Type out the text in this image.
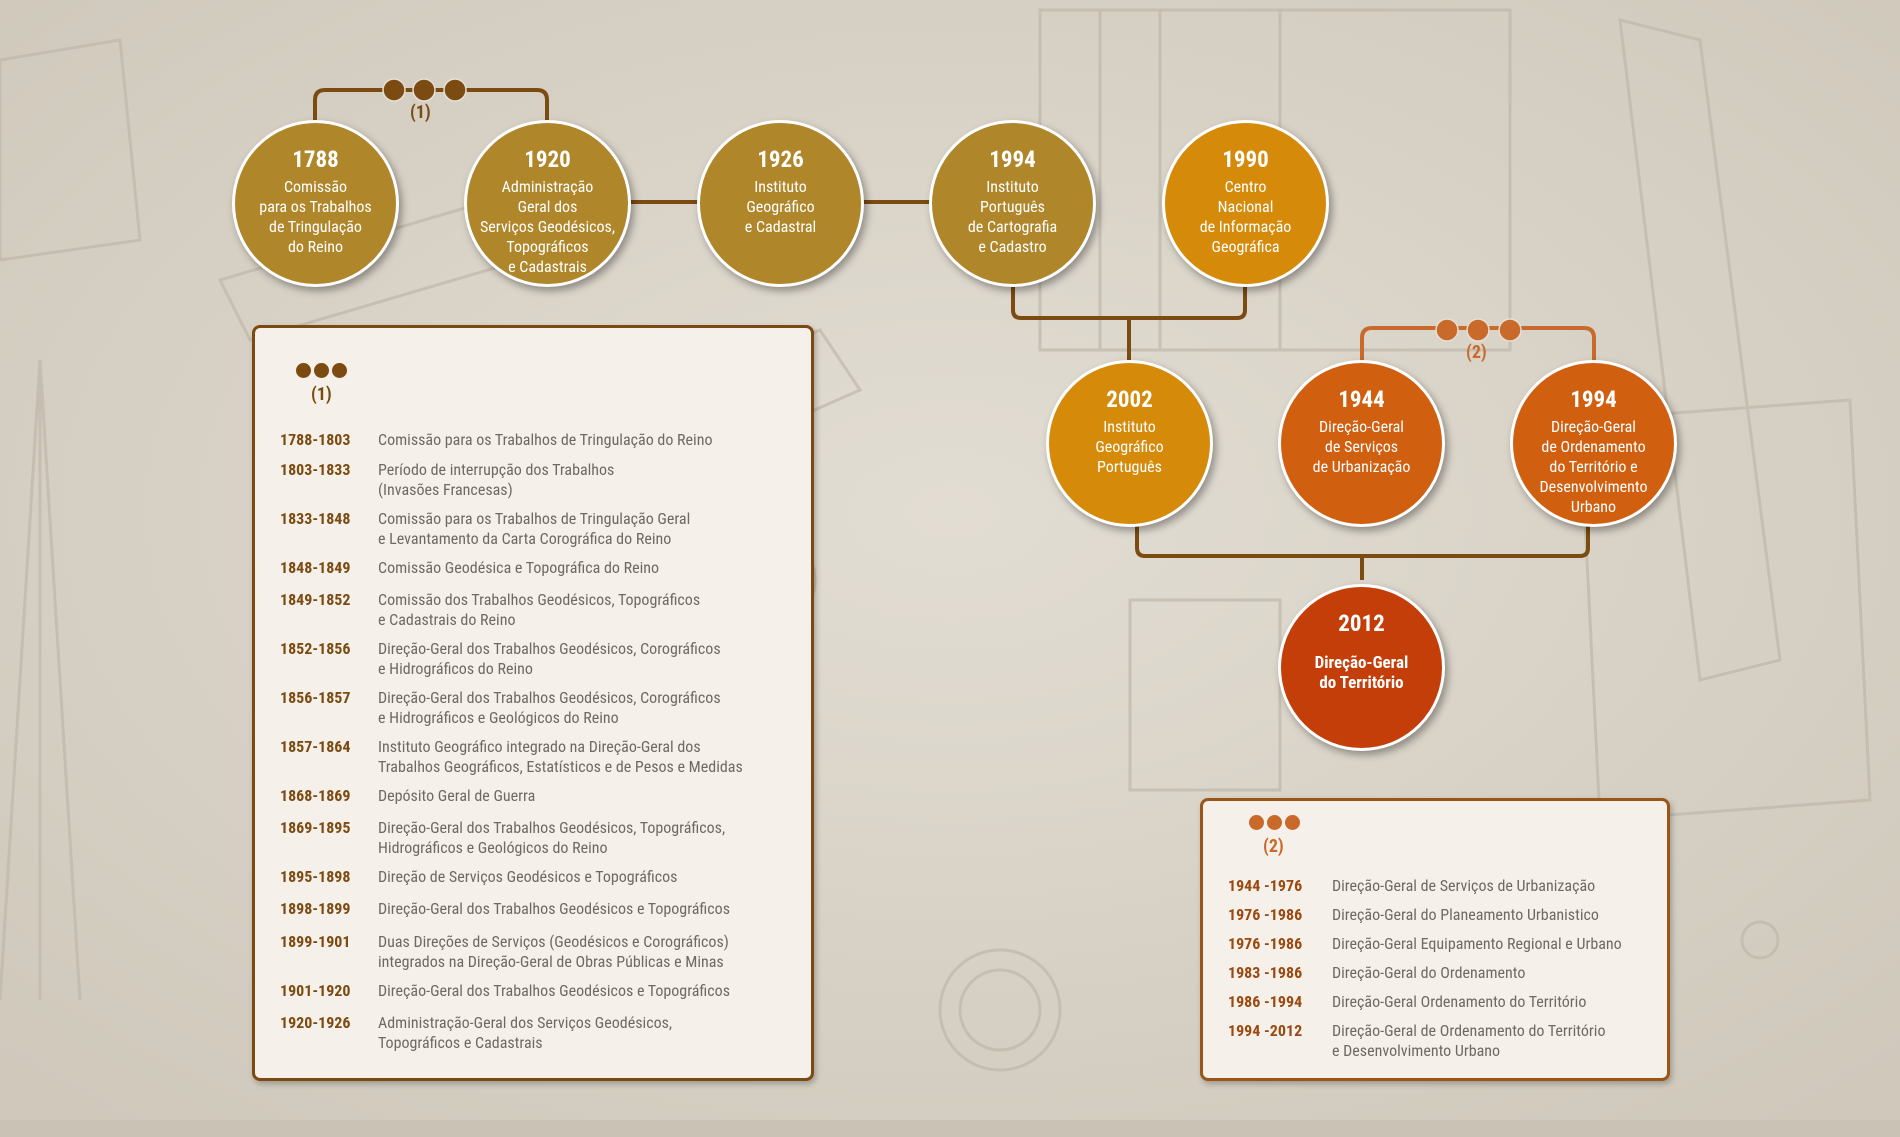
(1)
(2)
1788
Comissão
para os Trabalhos
de Tringulação
do Reino
1920
Administração
Geral dos
Serviços Geodésicos,
Topográficos
e Cadastrais
1926
Instituto
Geográfico
e Cadastral
1994
Instituto
Português
de Cartografia
e Cadastro
1990
Centro
Nacional
de Informação
Geográfica
2002
Instituto
Geográfico
Português
1944
Direção-Geral
de Serviços
de Urbanização
1994
Direção-Geral
de Ordenamento
do Território e
Desenvolvimento
Urbano
2012
Direção-Geral
do Território
(1)
1788-1803	Comissão para os Trabalhos de Tringulação do Reino
1803-1833	Período de interrupção dos Trabalhos
(Invasões Francesas)
1833-1848	Comissão para os Trabalhos de Tringulação Geral
e Levantamento da Carta Corográfica do Reino
1848-1849	Comissão Geodésica e Topográfica do Reino
1849-1852	Comissão dos Trabalhos Geodésicos, Topográficos
e Cadastrais do Reino
1852-1856	Direção-Geral dos Trabalhos Geodésicos, Corográficos
e Hidrográficos do Reino
1856-1857	Direção-Geral dos Trabalhos Geodésicos, Corográficos
e Hidrográficos e Geológicos do Reino
1857-1864	Instituto Geográfico integrado na Direção-Geral dos
Trabalhos Geográficos, Estatísticos e de Pesos e Medidas
1868-1869	Depósito Geral de Guerra
1869-1895	Direção-Geral dos Trabalhos Geodésicos, Topográficos,
Hidrográficos e Geológicos do Reino
1895-1898	Direção de Serviços Geodésicos e Topográficos
1898-1899	Direção-Geral dos Trabalhos Geodésicos e Topográficos
1899-1901	Duas Direções de Serviços (Geodésicos e Corográficos)
integrados na Direção-Geral de Obras Públicas e Minas
1901-1920	Direção-Geral dos Trabalhos Geodésicos e Topográficos
1920-1926	Administração-Geral dos Serviços Geodésicos,
Topográficos e Cadastrais
(2)
1944 -1976	Direção-Geral de Serviços de Urbanização
1976 -1986	Direção-Geral do Planeamento Urbanistico
1976 -1986	Direção-Geral Equipamento Regional e Urbano
1983 -1986	Direção-Geral do Ordenamento
1986 -1994	Direção-Geral Ordenamento do Território
1994 -2012	Direção-Geral de Ordenamento do Território
e Desenvolvimento Urbano
